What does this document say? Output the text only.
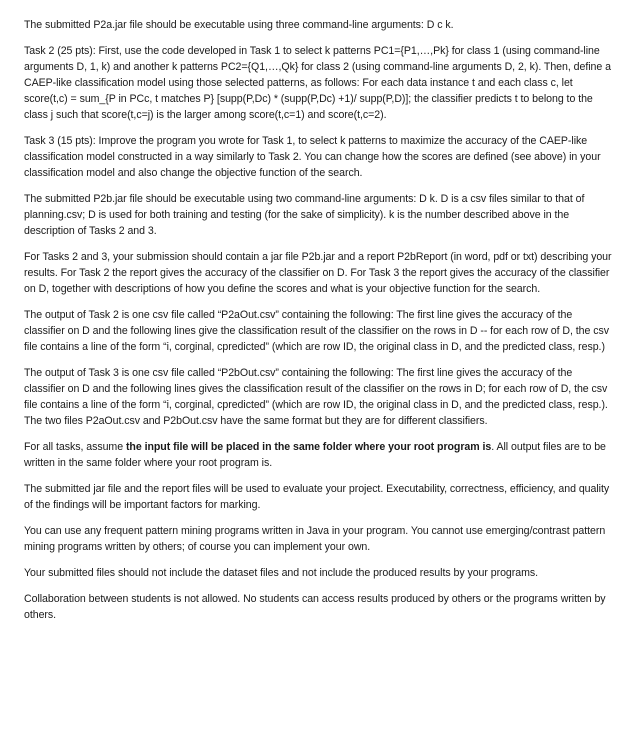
The submitted P2a.jar file should be executable using three command-line arguments: D c k.

Task 2 (25 pts): First, use the code developed in Task 1 to select k patterns PC1={P1,…,Pk} for class 1 (using command-line arguments D, 1, k) and another k patterns PC2={Q1,…,Qk} for class 2 (using command-line arguments D, 2, k). Then, define a CAEP-like classification model using those selected patterns, as follows: For each data instance t and each class c, let score(t,c) = sum_{P in PCc, t matches P} [supp(P,Dc) * (supp(P,Dc) +1)/ supp(P,D)]; the classifier predicts t to belong to the class j such that score(t,c=j) is the larger among score(t,c=1) and score(t,c=2).

Task 3 (15 pts): Improve the program you wrote for Task 1, to select k patterns to maximize the accuracy of the CAEP-like classification model constructed in a way similarly to Task 2. You can change how the scores are defined (see above) in your classification model and also change the objective function of the search.

The submitted P2b.jar file should be executable using two command-line arguments: D k. D is a csv files similar to that of planning.csv; D is used for both training and testing (for the sake of simplicity). k is the number described above in the description of Tasks 2 and 3.

For Tasks 2 and 3, your submission should contain a jar file P2b.jar and a report P2bReport (in word, pdf or txt) describing your results. For Task 2 the report gives the accuracy of the classifier on D. For Task 3 the report gives the accuracy of the classifier on D, together with descriptions of how you define the scores and what is your objective function for the search.

The output of Task 2 is one csv file called “P2aOut.csv” containing the following: The first line gives the accuracy of the classifier on D and the following lines give the classification result of the classifier on the rows in D -- for each row of D, the csv file contains a line of the form “i, corginal, cpredicted” (which are row ID, the original class in D, and the predicted class, resp.)

The output of Task 3 is one csv file called “P2bOut.csv” containing the following: The first line gives the accuracy of the classifier on D and the following lines gives the classification result of the classifier on the rows in D; for each row of D, the csv file contains a line of the form “i, corginal, cpredicted” (which are row ID, the original class in D, and the predicted class, resp.). The two files P2aOut.csv and P2bOut.csv have the same format but they are for different classifiers.

For all tasks, assume the input file will be placed in the same folder where your root program is. All output files are to be written in the same folder where your root program is.

The submitted jar file and the report files will be used to evaluate your project. Executability, correctness, efficiency, and quality of the findings will be important factors for marking.

You can use any frequent pattern mining programs written in Java in your program. You cannot use emerging/contrast pattern mining programs written by others; of course you can implement your own.

Your submitted files should not include the dataset files and not include the produced results by your programs.

Collaboration between students is not allowed. No students can access results produced by others or the programs written by others.
